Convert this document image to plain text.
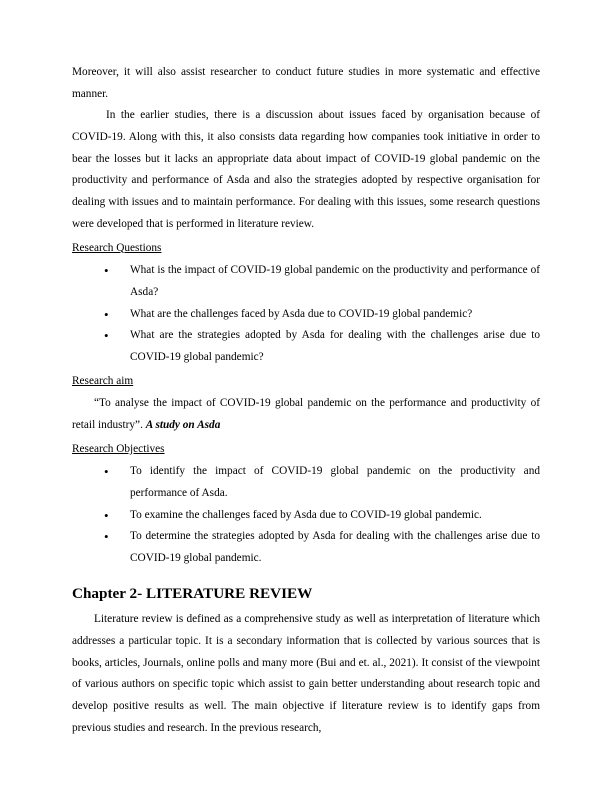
Moreover, it will also assist researcher to conduct future studies in more systematic and effective manner.

In the earlier studies, there is a discussion about issues faced by organisation because of COVID-19. Along with this, it also consists data regarding how companies took initiative in order to bear the losses but it lacks an appropriate data about impact of COVID-19 global pandemic on the productivity and performance of Asda and also the strategies adopted by respective organisation for dealing with issues and to maintain performance. For dealing with this issues, some research questions were developed that is performed in literature review.

Research Questions

• What is the impact of COVID-19 global pandemic on the productivity and performance of Asda?
• What are the challenges faced by Asda due to COVID-19 global pandemic?
• What are the strategies adopted by Asda for dealing with the challenges arise due to COVID-19 global pandemic?

Research aim

“To analyse the impact of COVID-19 global pandemic on the performance and productivity of retail industry”. A study on Asda

Research Objectives

• To identify the impact of COVID-19 global pandemic on the productivity and performance of Asda.
• To examine the challenges faced by Asda due to COVID-19 global pandemic.
• To determine the strategies adopted by Asda for dealing with the challenges arise due to COVID-19 global pandemic.
Chapter 2- LITERATURE REVIEW

Literature review is defined as a comprehensive study as well as interpretation of literature which addresses a particular topic. It is a secondary information that is collected by various sources that is books, articles, Journals, online polls and many more (Bui and et. al., 2021). It consist of the viewpoint of various authors on specific topic which assist to gain better understanding about research topic and develop positive results as well. The main objective if literature review is to identify gaps from previous studies and research. In the previous research,
